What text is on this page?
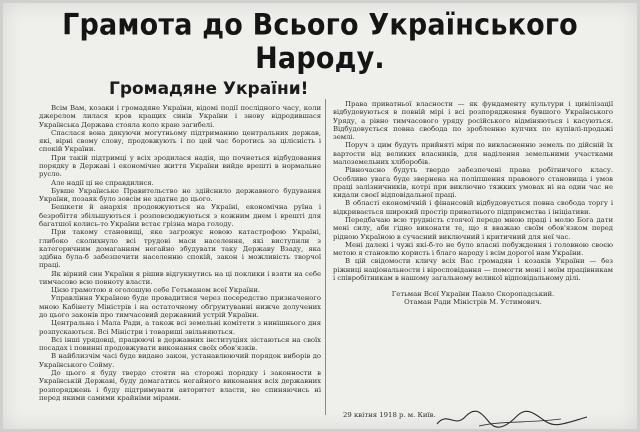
Грамота до Всього Українського Народу.
Громадяне України!

Всім Вам, козаки і громадяне України, відомі події послідного часу, коли джерелом лилася кров кращих синів України і знову відродившася Українська Держава стояла коло краю загибелі.

Спаслася вона дякуючи могутньому підтриманню центральних держав, які, вірні свому слову, продовжують і по цей час боротись за цілісність і спокій України.

При такій підтримці у всіх зродилася надія, що почнеться відбудовання порядку в Державі і економічне життя України вийде врешті в нормальне русло.

Але надії ці не справдилися.

Бувше Українське Правительство не здійснило державного будування України, позаяк було зовсім не здатне до цього.

Бешкети й анархія продовжуються на Україні, економічна руїна і безробіття збільшуються і розповсюджуються з кожним днем і врешті для багатшої колись-то України встає грізна мара голоду.

При такому становищі, яке загрожує новою катастрофою Україні, глибоко сколихнуло всі трудові маси населення, які виступили з категоричним домаганням негайно збудувати таку Державу Взаду, яка здібна була-б забезпечити населенню спокій, закон і можливість творчої праці.

Як вірний син України я рішив відгукнутись на ці поклики і взяти на себе тимчасово всю повноту власти.

Цією грамотою я оголошую себе Гетьманом всеї України.

Управління Україною буде провадитися через посередство призначеного мною Кабінету Міністрів і на остаточному обґрунтуванні нижче долучених до цього законів про тимчасовий державний устрій України.

Центральна і Мала Ради, а також всі земельні комітети з нинішнього дня розпускаються. Всі Міністри і товариші звільняються.

Всі інші урядовці, працюючі в державних інституціях зістаються на своїх посадах і повинні продовжувати виконання своїх обов'язків.

В найблизчім часі буде видано закон, устанавлюючий порядок виборів до Українського Сойму.

До цього я буду твердо стояти на сторожі порядку і законности в Українській Державі, буду домагатись негайного виконання всіх державних розпоряджень і буду підтримувати авторитет власти, не спиняючись ні перед якими самими крайніми мірами.

Права приватньої власности — як фундаменту культури і цивілізації відбудовуються в повній мірі і всі розпорядження бувшого Українського Уряду, а рівно тимчасового уряду російського відміняються і касуються. Відбудовується повна свобода по зробленню купчих по купівлі-продажі землі.

Поруч з цим будуть прийняті міри по вивласненню земель по дійсній їх вартости від великих власників, для наділення земельними участками малоземельних хліборобів.

Рівночасно будуть твердо забезпечені права робітничого класу. Особливо увага буде звернена на поліпшення правового становища і умов праці залізничників, котрі при виключно тяжких умовах ні на один час не кидали своєї відповідальної праці.

В області економічній і фінансовій відбудовується повна свобода торгу і відкривається широкий простір приватнього підприємства і ініціативи.

Передбачаю всю трудність стоячої передо мною праці і молю Бога дати мені силу, аби гідно виконати те, що я вважаю своїм обов'язком перед рідною Україною в сучасний виключний і критичний для неї час.

Мені далекі і чужі які-б-то не було власні побуждення і головною своєю метою я становлю користь і благо народу і всім дорогої нам України.

В цій свідомости кличу всіх Вас громадян і козаків України — без ріжниці національности і віросповідання — помогти мені і моїм працівникам і співробітникам в нашому загальному великої відповідальному ділі.

Гетьман Всеї України Павло Скоропадський.

Отаман Ради Міністрів М. Устимович.

29 квітня 1918 р. м. Київ.
